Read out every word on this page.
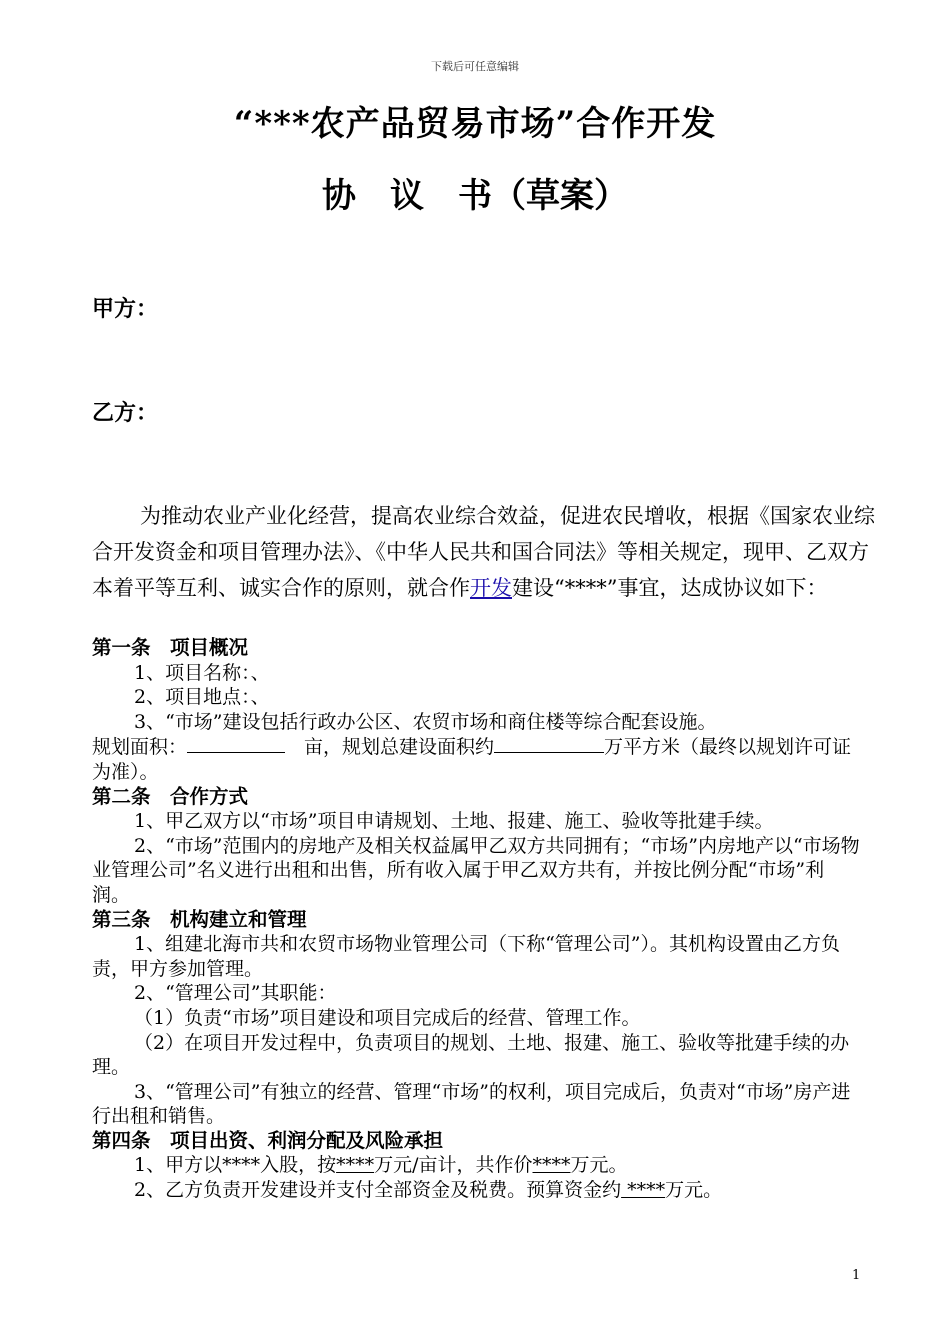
下载后可任意编辑
“***农产品贸易市场”合作开发
协　议　书（草案）
甲方：
乙方：

为推动农业产业化经营，提高农业综合效益，促进农民增收，根据《国家农业综合开发资金和项目管理办法》、《中华人民共和国合同法》等相关规定，现甲、乙双方本着平等互利、诚实合作的原则，就合作开发建设“****”事宜，达成协议如下：

第一条　项目概况

1、项目名称：、

2、项目地点：、

3、“市场”建设包括行政办公区、农贸市场和商住楼等综合配套设施。

规划面积：　	亩，规划总建设面积约	万平方米（最终以规划许可证为准）。

第二条　合作方式

1、甲乙双方以“市场”项目申请规划、土地、报建、施工、验收等批建手续。

2、“市场”范围内的房地产及相关权益属甲乙双方共同拥有；“市场”内房地产以“市场物业管理公司”名义进行出租和出售，所有收入属于甲乙双方共有，并按比例分配“市场”利润。

第三条　机构建立和管理

1、组建北海市共和农贸市场物业管理公司（下称“管理公司”）。其机构设置由乙方负责，甲方参加管理。

2、“管理公司”其职能：

（1）负责“市场”项目建设和项目完成后的经营、管理工作。

（2）在项目开发过程中，负责项目的规划、土地、报建、施工、验收等批建手续的办理。

3、“管理公司”有独立的经营、管理“市场”的权利，项目完成后，负责对“市场”房产进行出租和销售。

第四条　项目出资、利润分配及风险承担

1、甲方以****入股，按****万元/亩计，共作价****万元。

2、乙方负责开发建设并支付全部资金及税费。预算资金约 ****万元。

1
